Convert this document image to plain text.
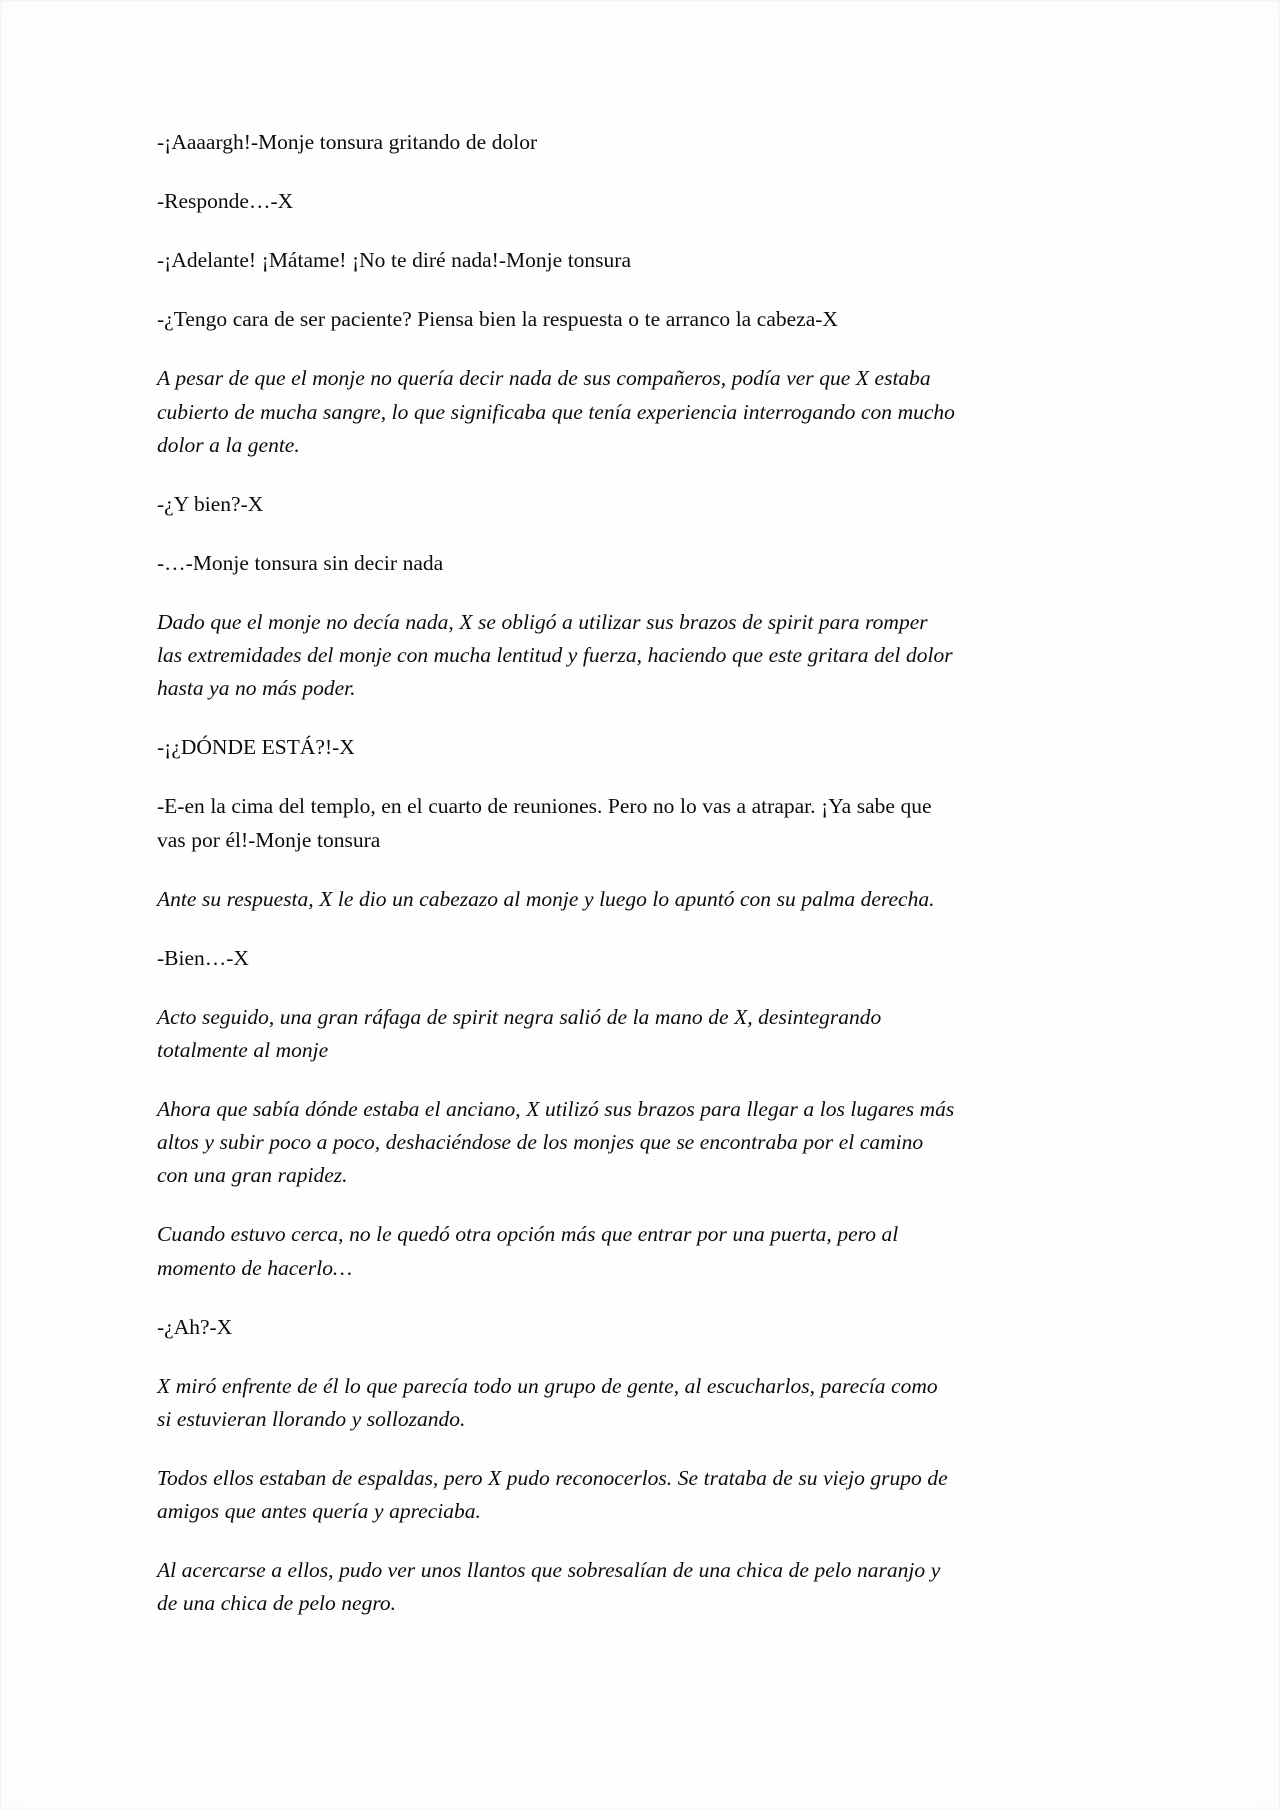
-¡Aaaargh!-Monje tonsura gritando de dolor

-Responde…-X

-¡Adelante! ¡Mátame! ¡No te diré nada!-Monje tonsura

-¿Tengo cara de ser paciente? Piensa bien la respuesta o te arranco la cabeza-X

A pesar de que el monje no quería decir nada de sus compañeros, podía ver que X estaba cubierto de mucha sangre, lo que significaba que tenía experiencia interrogando con mucho dolor a la gente.

-¿Y bien?-X

-…-Monje tonsura sin decir nada

Dado que el monje no decía nada, X se obligó a utilizar sus brazos de spirit para romper las extremidades del monje con mucha lentitud y fuerza, haciendo que este gritara del dolor hasta ya no más poder.

-¡¿DÓNDE ESTÁ?!-X

-E-en la cima del templo, en el cuarto de reuniones. Pero no lo vas a atrapar. ¡Ya sabe que vas por él!-Monje tonsura

Ante su respuesta, X le dio un cabezazo al monje y luego lo apuntó con su palma derecha.

-Bien…-X

Acto seguido, una gran ráfaga de spirit negra salió de la mano de X, desintegrando totalmente al monje

Ahora que sabía dónde estaba el anciano, X utilizó sus brazos para llegar a los lugares más altos y subir poco a poco, deshaciéndose de los monjes que se encontraba por el camino con una gran rapidez.

Cuando estuvo cerca, no le quedó otra opción más que entrar por una puerta, pero al momento de hacerlo…

-¿Ah?-X

X miró enfrente de él lo que parecía todo un grupo de gente, al escucharlos, parecía como si estuvieran llorando y sollozando.

Todos ellos estaban de espaldas, pero X pudo reconocerlos. Se trataba de su viejo grupo de amigos que antes quería y apreciaba.

Al acercarse a ellos, pudo ver unos llantos que sobresalían de una chica de pelo naranjo y de una chica de pelo negro.
